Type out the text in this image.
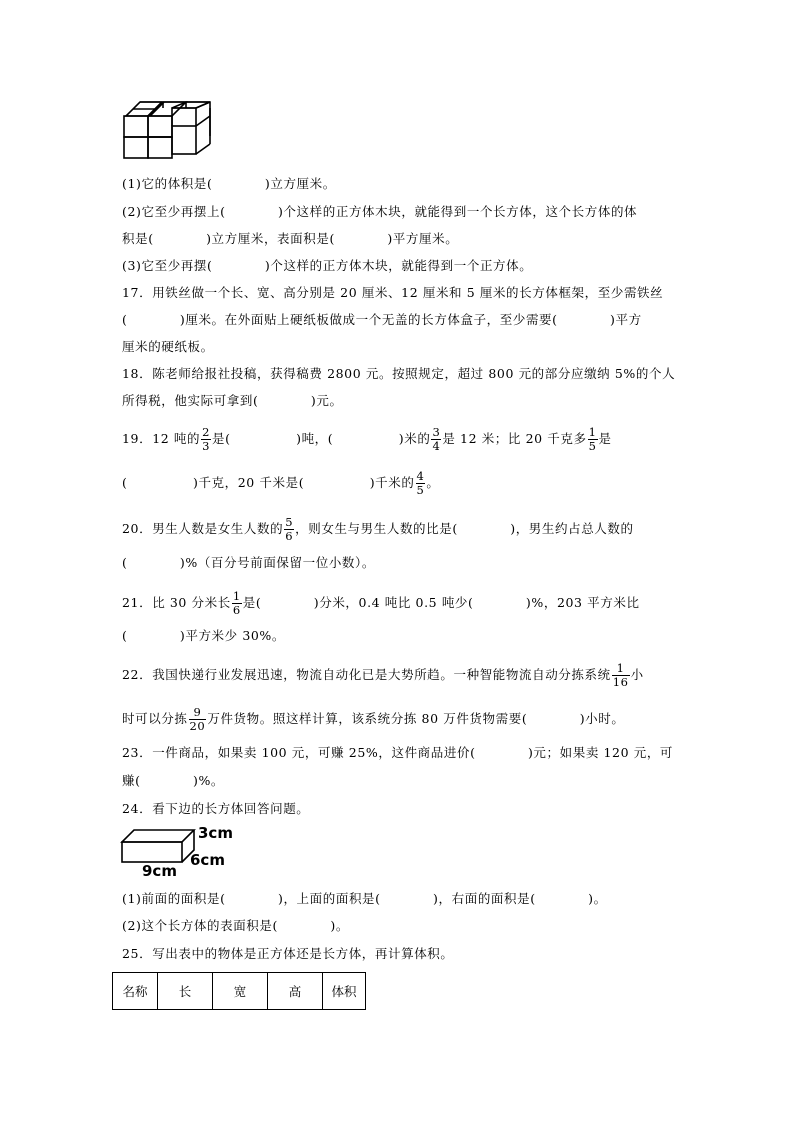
(1)它的体积是(　　　　)立方厘米。
(2)它至少再摆上(　　　　)个这样的正方体木块，就能得到一个长方体，这个长方体的体
积是(　　　　)立方厘米，表面积是(　　　　)平方厘米。
(3)它至少再摆(　　　　)个这样的正方体木块，就能得到一个正方体。
17．用铁丝做一个长、宽、高分别是 20 厘米、12 厘米和 5 厘米的长方体框架，至少需铁丝
(　　　　)厘米。在外面贴上硬纸板做成一个无盖的长方体盒子，至少需要(　　　　)平方
厘米的硬纸板。
18．陈老师给报社投稿，获得稿费 2800 元。按照规定，超过 800 元的部分应缴纳 5%的个人
所得税，他实际可拿到(　　　　)元。
19．12 吨的 $\frac{2}{3}$ 是(　　　　　)吨，(　　　　　)米的 $\frac{3}{4}$ 是 12 米；比 20 千克多 $\frac{1}{5}$ 是
(　　　　　)千克，20 千米是(　　　　　)千米的 $\frac{4}{5}$ 。
20．男生人数是女生人数的 $\frac{5}{6}$ ，则女生与男生人数的比是(　　　　)，男生约占总人数的
(　　　　)%（百分号前面保留一位小数）。
21．比 30 分米长 $\frac{1}{6}$ 是(　　　　)分米，0.4 吨比 0.5 吨少(　　　　)%，203 平方米比
(　　　　)平方米少 30%。
22．我国快递行业发展迅速，物流自动化已是大势所趋。一种智能物流自动分拣系统 $\frac{1}{16}$ 小
时可以分拣 $\frac{9}{20}$ 万件货物。照这样计算，该系统分拣 80 万件货物需要(　　　　)小时。
23．一件商品，如果卖 100 元，可赚 25%，这件商品进价(　　　　)元；如果卖 120 元，可
赚(　　　　)%。
24．看下边的长方体回答问题。
3cm
6cm
9cm
(1)前面的面积是(　　　　)，上面的面积是(　　　　)，右面的面积是(　　　　)。
(2)这个长方体的表面积是(　　　　)。
25．写出表中的物体是正方体还是长方体，再计算体积。
名称	长	宽	高	体积
